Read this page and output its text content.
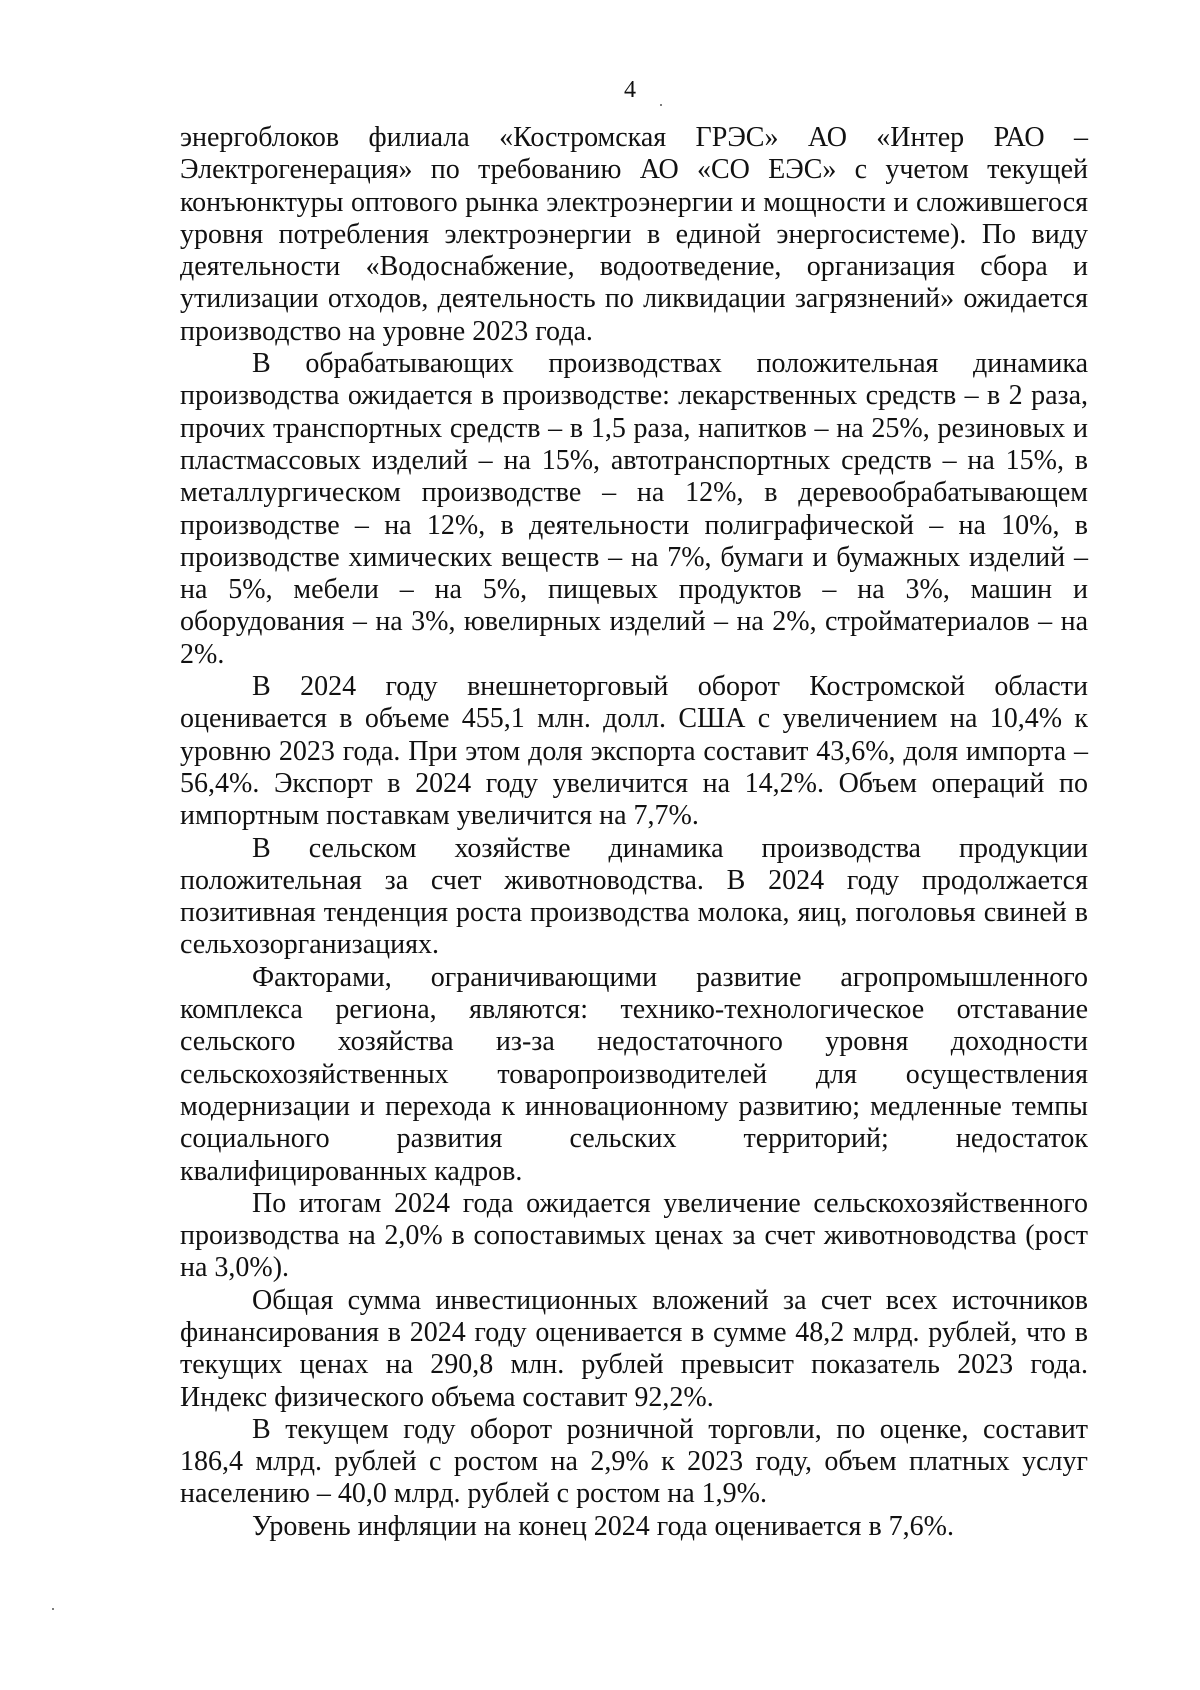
4

энергоблоков филиала «Костромская ГРЭС» АО «Интер РАО – Электрогенерация» по требованию АО «СО ЕЭС» с учетом текущей конъюнктуры оптового рынка электроэнергии и мощности и сложившегося уровня потребления электроэнергии в единой энергосистеме). По виду деятельности «Водоснабжение, водоотведение, организация сбора и утилизации отходов, деятельность по ликвидации загрязнений» ожидается производство на уровне 2023 года.

В обрабатывающих производствах положительная динамика производства ожидается в производстве: лекарственных средств – в 2 раза, прочих транспортных средств – в 1,5 раза, напитков – на 25%, резиновых и пластмассовых изделий – на 15%, автотранспортных средств – на 15%, в металлургическом производстве – на 12%, в деревообрабатывающем производстве – на 12%, в деятельности полиграфической – на 10%, в производстве химических веществ – на 7%, бумаги и бумажных изделий – на 5%, мебели – на 5%, пищевых продуктов – на 3%, машин и оборудования – на 3%, ювелирных изделий – на 2%, стройматериалов – на 2%.

В 2024 году внешнеторговый оборот Костромской области оценивается в объеме 455,1 млн. долл. США с увеличением на 10,4% к уровню 2023 года. При этом доля экспорта составит 43,6%, доля импорта – 56,4%. Экспорт в 2024 году увеличится на 14,2%. Объем операций по импортным поставкам увеличится на 7,7%.

В сельском хозяйстве динамика производства продукции положительная за счет животноводства. В 2024 году продолжается позитивная тенденция роста производства молока, яиц, поголовья свиней в сельхозорганизациях.

Факторами, ограничивающими развитие агропромышленного комплекса региона, являются: технико-технологическое отставание сельского хозяйства из-за недостаточного уровня доходности сельскохозяйственных товаропроизводителей для осуществления модернизации и перехода к инновационному развитию; медленные темпы социального развития сельских территорий; недостаток квалифицированных кадров.

По итогам 2024 года ожидается увеличение сельскохозяйственного производства на 2,0% в сопоставимых ценах за счет животноводства (рост на 3,0%).

Общая сумма инвестиционных вложений за счет всех источников финансирования в 2024 году оценивается в сумме 48,2 млрд. рублей, что в текущих ценах на 290,8 млн. рублей превысит показатель 2023 года. Индекс физического объема составит 92,2%.

В текущем году оборот розничной торговли, по оценке, составит 186,4 млрд. рублей с ростом на 2,9% к 2023 году, объем платных услуг населению – 40,0 млрд. рублей с ростом на 1,9%.

Уровень инфляции на конец 2024 года оценивается в 7,6%.
